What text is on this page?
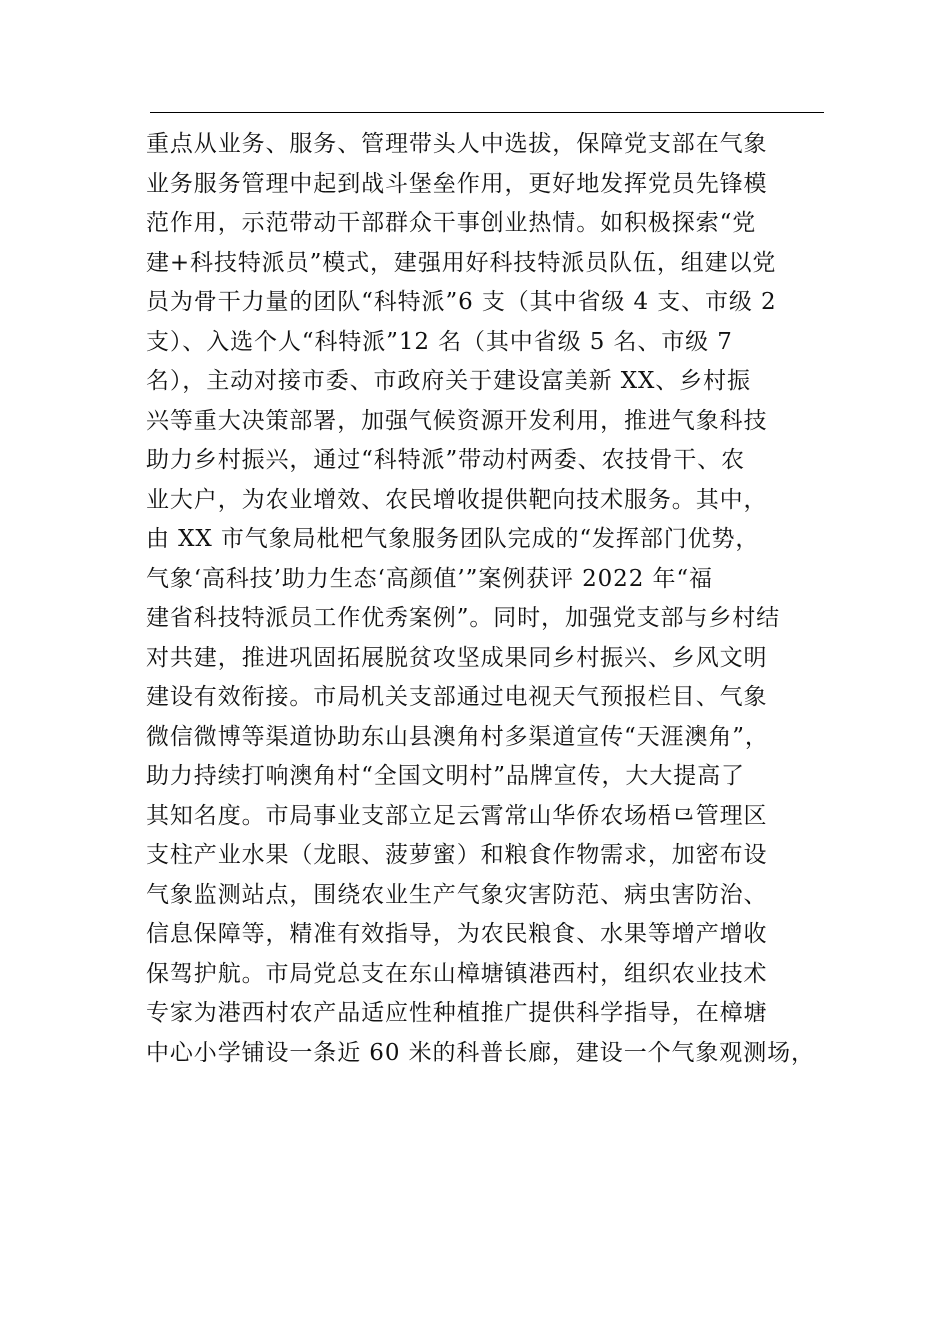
重点从业务、服务、管理带头人中选拔，保障党支部在气象
业务服务管理中起到战斗堡垒作用，更好地发挥党员先锋模
范作用，示范带动干部群众干事创业热情。如积极探索“党
建+科技特派员”模式，建强用好科技特派员队伍，组建以党
员为骨干力量的团队“科特派”6 支（其中省级 4 支、市级 2
支）、入选个人“科特派”12 名（其中省级 5 名、市级 7
名），主动对接市委、市政府关于建设富美新 XX、乡村振
兴等重大决策部署，加强气候资源开发利用，推进气象科技
助力乡村振兴，通过“科特派”带动村两委、农技骨干、农
业大户，为农业增效、农民增收提供靶向技术服务。其中，
由 XX 市气象局枇杷气象服务团队完成的“发挥部门优势，
气象‘高科技’助力生态‘高颜值’”案例获评 2022 年“福
建省科技特派员工作优秀案例”。同时，加强党支部与乡村结
对共建，推进巩固拓展脱贫攻坚成果同乡村振兴、乡风文明
建设有效衔接。市局机关支部通过电视天气预报栏目、气象
微信微博等渠道协助东山县澳角村多渠道宣传“天涯澳角”，
助力持续打响澳角村“全国文明村”品牌宣传，大大提高了
其知名度。市局事业支部立足云霄常山华侨农场梧⺋管理区
支柱产业水果（龙眼、菠萝蜜）和粮食作物需求，加密布设
气象监测站点，围绕农业生产气象灾害防范、病虫害防治、
信息保障等，精准有效指导，为农民粮食、水果等增产增收
保驾护航。市局党总支在东山樟塘镇港西村，组织农业技术
专家为港西村农产品适应性种植推广提供科学指导，在樟塘
中心小学铺设一条近 60 米的科普长廊，建设一个气象观测场，
